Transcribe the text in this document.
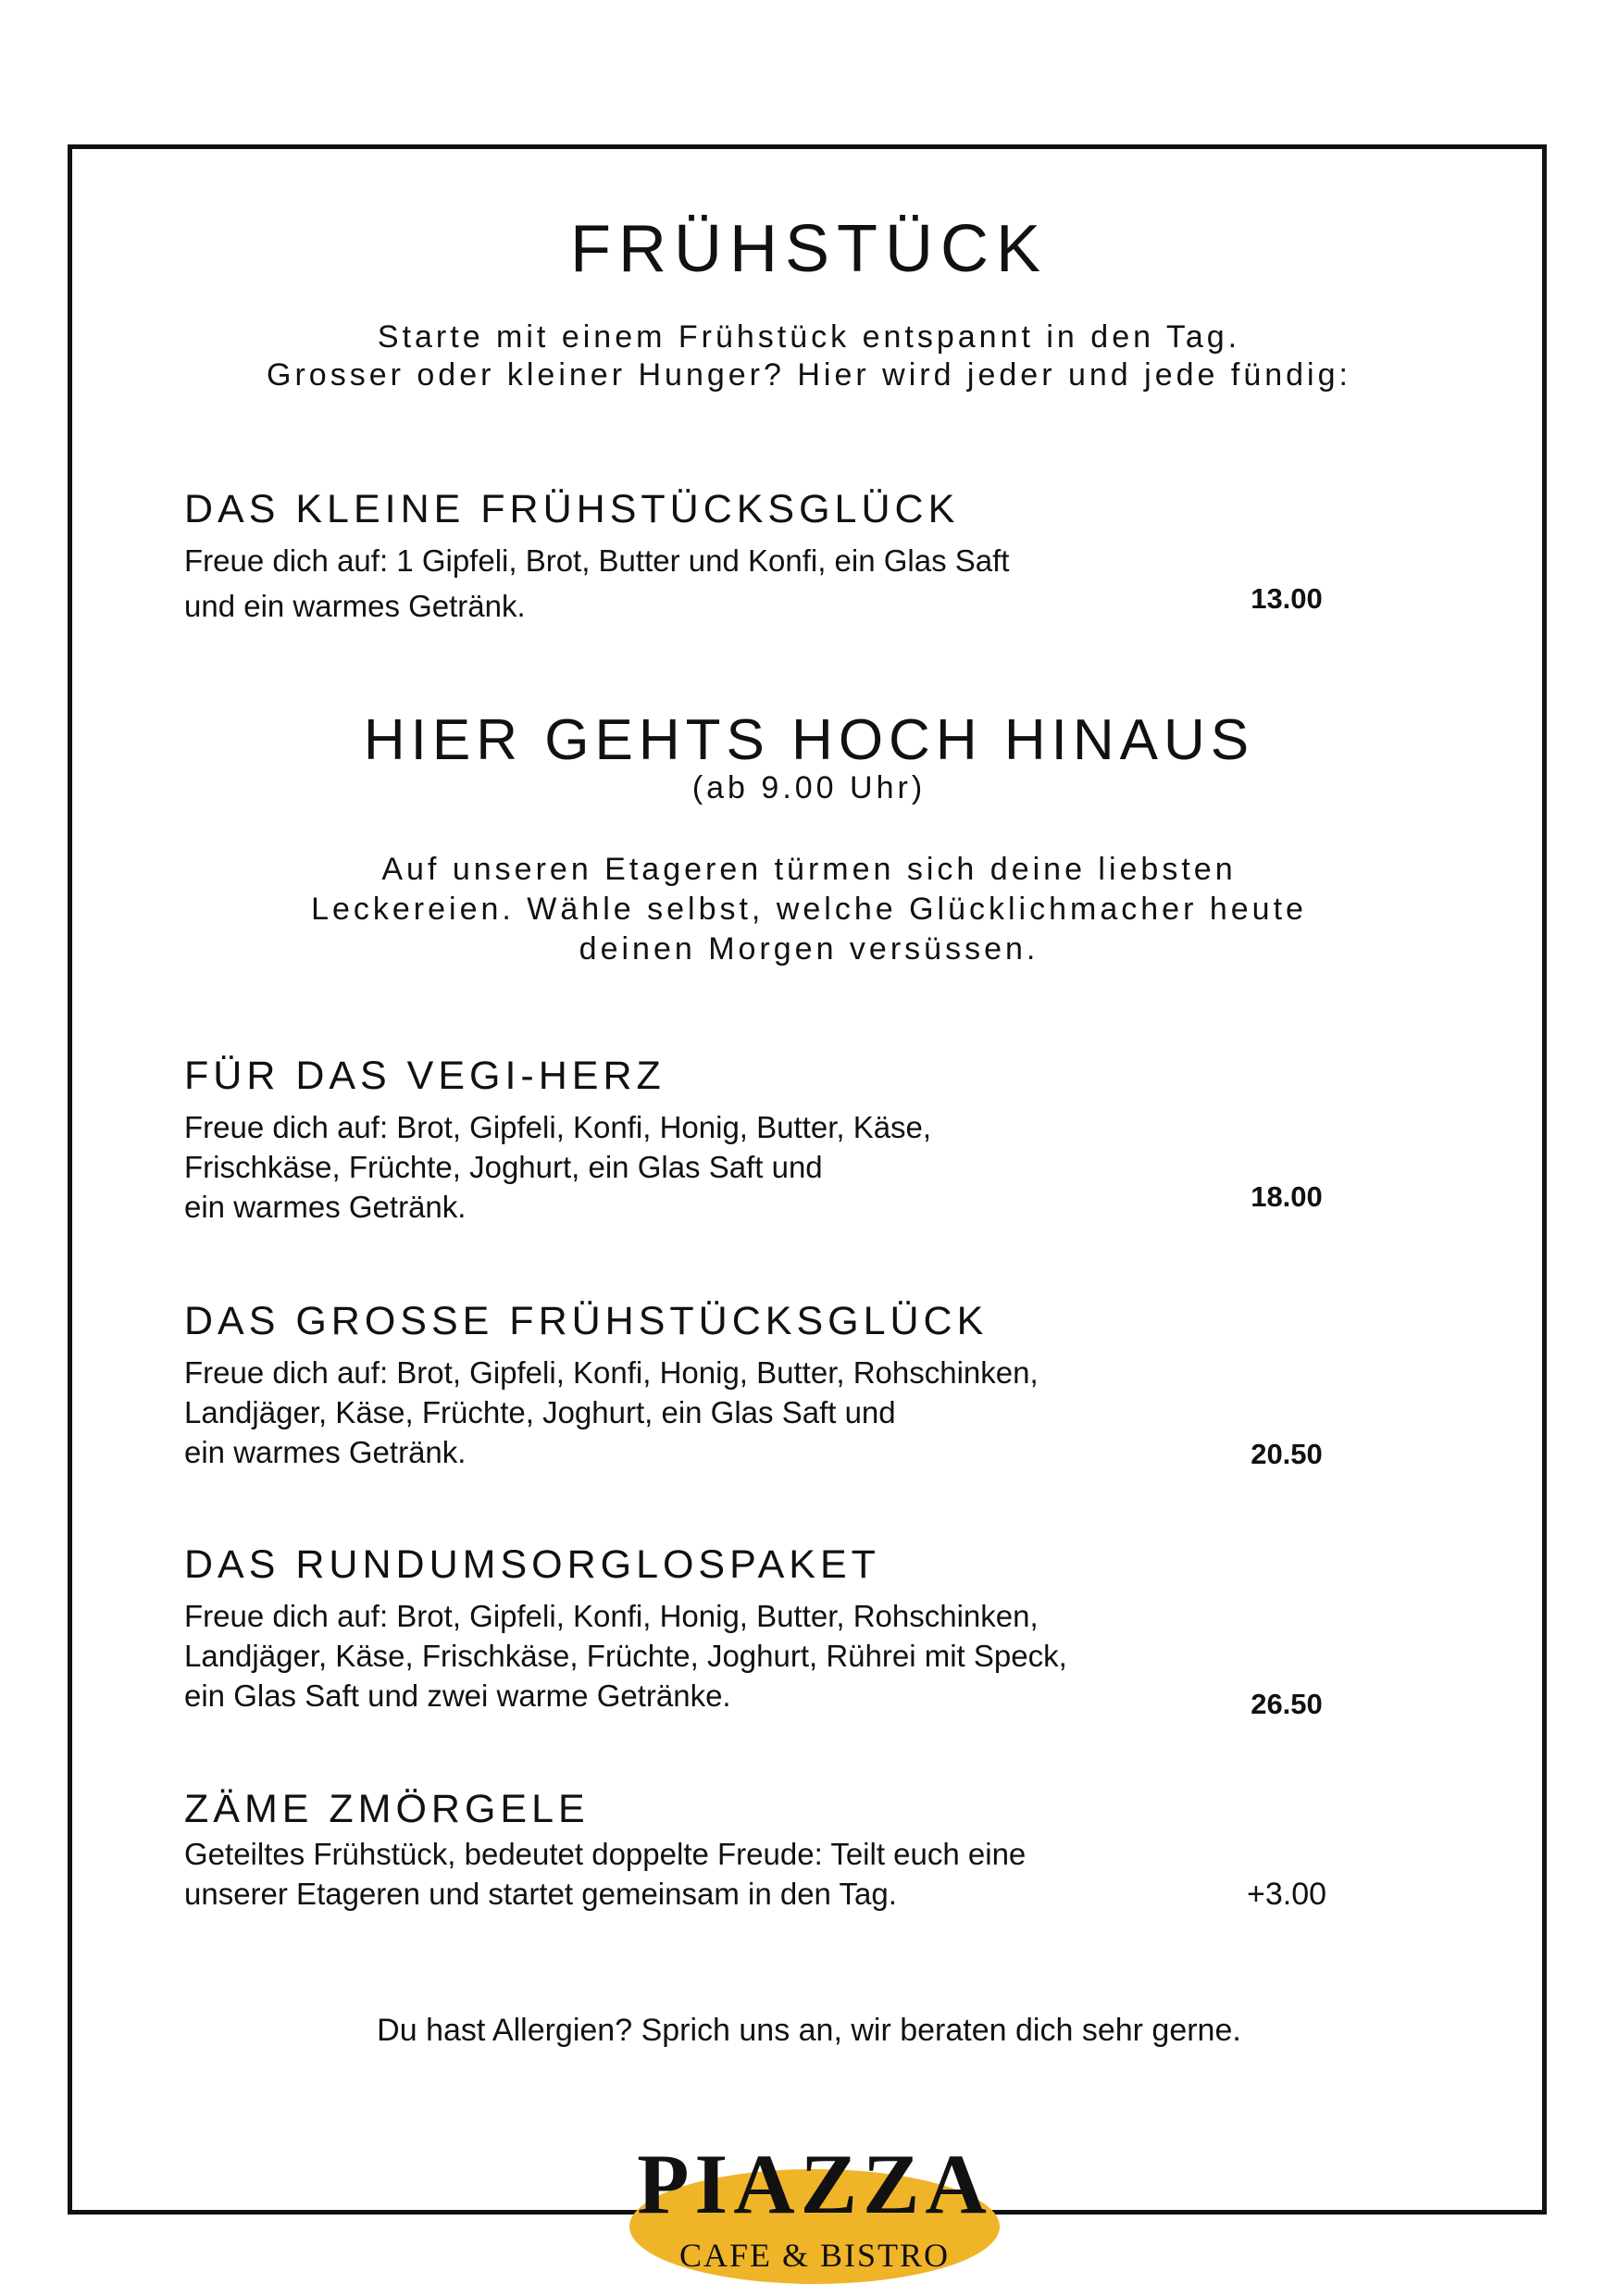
FRÜHSTÜCK
Starte mit einem Frühstück entspannt in den Tag.
Grosser oder kleiner Hunger? Hier wird jeder und jede fündig:
DAS KLEINE FRÜHSTÜCKSGLÜCK
Freue dich auf: 1 Gipfeli, Brot, Butter und Konfi, ein Glas Saft
und ein warmes Getränk.	13.00
HIER GEHTS HOCH HINAUS
(ab 9.00 Uhr)
Auf unseren Etageren türmen sich deine liebsten
Leckereien. Wähle selbst, welche Glücklichmacher heute
deinen Morgen versüssen.
FÜR DAS VEGI-HERZ
Freue dich auf: Brot, Gipfeli, Konfi, Honig, Butter, Käse,
Frischkäse, Früchte, Joghurt, ein Glas Saft und
ein warmes Getränk.	18.00
DAS GROSSE FRÜHSTÜCKSGLÜCK
Freue dich auf: Brot, Gipfeli, Konfi, Honig, Butter, Rohschinken,
Landjäger, Käse, Früchte, Joghurt, ein Glas Saft und
ein warmes Getränk.	20.50
DAS RUNDUMSORGLOSPAKET
Freue dich auf: Brot, Gipfeli, Konfi, Honig, Butter, Rohschinken,
Landjäger, Käse, Frischkäse, Früchte, Joghurt, Rührei mit Speck,
ein Glas Saft und zwei warme Getränke.	26.50
ZÄME ZMÖRGELE
Geteiltes Frühstück, bedeutet doppelte Freude: Teilt euch eine
unserer Etageren und startet gemeinsam in den Tag.	+3.00
Du hast Allergien? Sprich uns an, wir beraten dich sehr gerne.
PIAZZA
CAFE & BISTRO
